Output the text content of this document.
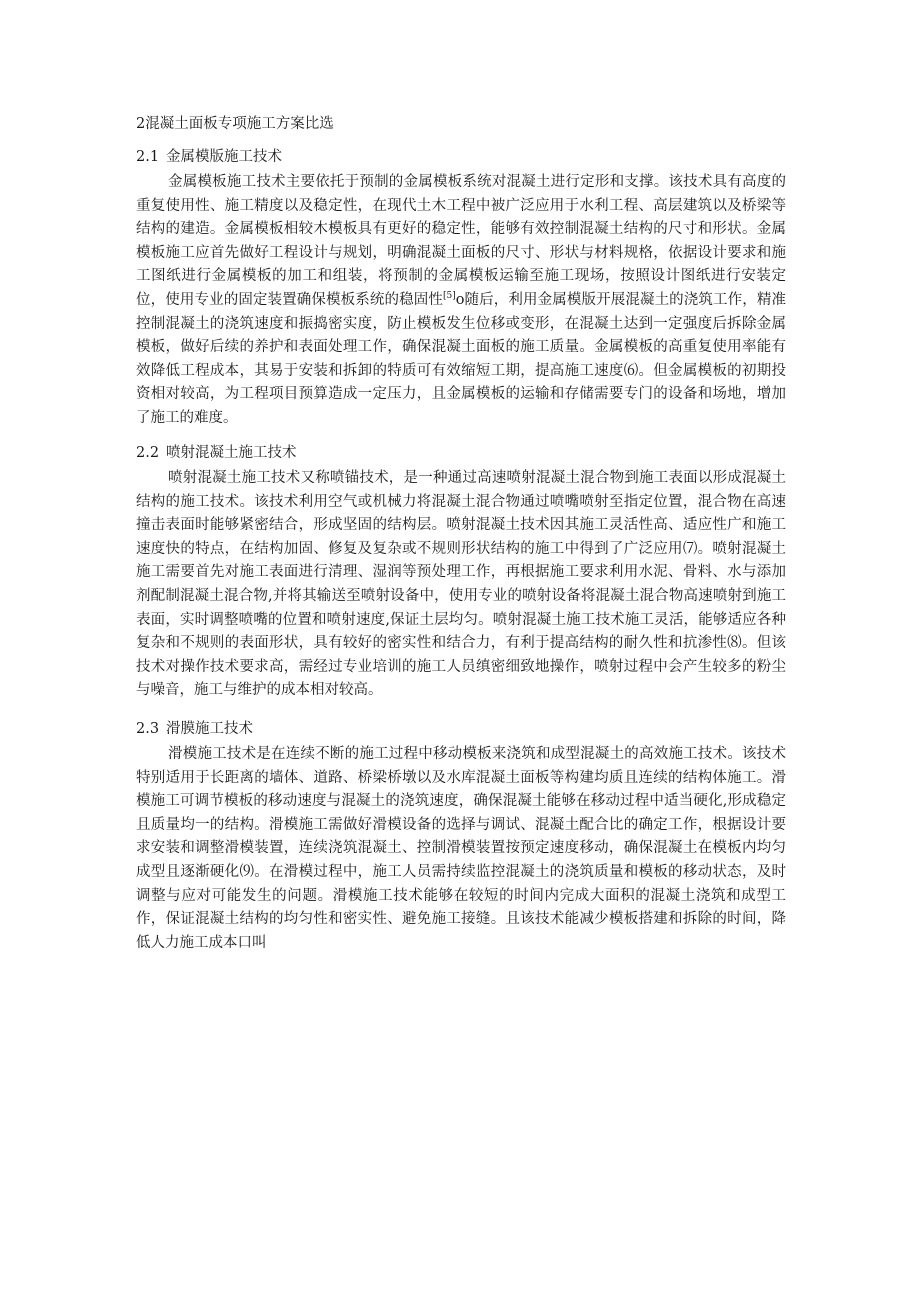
2混凝土面板专项施工方案比选
2.1 金属模版施工技术

金属模板施工技术主要依托于预制的金属模板系统对混凝土进行定形和支撑。该技术具有高度的重复使用性、施工精度以及稳定性，在现代土木工程中被广泛应用于水利工程、高层建筑以及桥梁等结构的建造。金属模板相较木模板具有更好的稳定性，能够有效控制混凝土结构的尺寸和形状。金属模板施工应首先做好工程设计与规划，明确混凝土面板的尺寸、形状与材料规格，依据设计要求和施工图纸进行金属模板的加工和组装，将预制的金属模板运输至施工现场，按照设计图纸进行安装定位，使用专业的固定装置确保模板系统的稳固性[5]o随后，利用金属模版开展混凝土的浇筑工作，精准控制混凝土的浇筑速度和振捣密实度，防止模板发生位移或变形，在混凝土达到一定强度后拆除金属模板，做好后续的养护和表面处理工作，确保混凝土面板的施工质量。金属模板的高重复使用率能有效降低工程成本，其易于安装和拆卸的特质可有效缩短工期，提高施工速度⑹。但金属模板的初期投资相对较高，为工程项目预算造成一定压力，且金属模板的运输和存储需要专门的设备和场地，增加了施工的难度。

2.2 喷射混凝土施工技术

喷射混凝土施工技术又称喷锚技术，是一种通过高速喷射混凝土混合物到施工表面以形成混凝土结构的施工技术。该技术利用空气或机械力将混凝土混合物通过喷嘴喷射至指定位置，混合物在高速撞击表面时能够紧密结合，形成坚固的结构层。喷射混凝土技术因其施工灵活性高、适应性广和施工速度快的特点，在结构加固、修复及复杂或不规则形状结构的施工中得到了广泛应用⑺。喷射混凝土施工需要首先对施工表面进行清理、湿润等预处理工作，再根据施工要求利用水泥、骨料、水与添加剂配制混凝土混合物,并将其输送至喷射设备中，使用专业的喷射设备将混凝土混合物高速喷射到施工表面，实时调整喷嘴的位置和喷射速度,保证土层均匀。喷射混凝土施工技术施工灵活，能够适应各种复杂和不规则的表面形状，具有较好的密实性和结合力，有利于提高结构的耐久性和抗渗性⑻。但该技术对操作技术要求高，需经过专业培训的施工人员缜密细致地操作，喷射过程中会产生较多的粉尘与噪音，施工与维护的成本相对较高。

2.3 滑膜施工技术

滑模施工技术是在连续不断的施工过程中移动模板来浇筑和成型混凝土的高效施工技术。该技术特别适用于长距离的墙体、道路、桥梁桥墩以及水库混凝土面板等构建均质且连续的结构体施工。滑模施工可调节模板的移动速度与混凝土的浇筑速度，确保混凝土能够在移动过程中适当硬化,形成稳定且质量均一的结构。滑模施工需做好滑模设备的选择与调试、混凝土配合比的确定工作，根据设计要求安装和调整滑模装置，连续浇筑混凝土、控制滑模装置按预定速度移动，确保混凝土在模板内均匀成型且逐渐硬化⑼。在滑模过程中，施工人员需持续监控混凝土的浇筑质量和模板的移动状态，及时调整与应对可能发生的问题。滑模施工技术能够在较短的时间内完成大面积的混凝土浇筑和成型工作，保证混凝土结构的均匀性和密实性、避免施工接缝。且该技术能减少模板搭建和拆除的时间，降低人力施工成本口叫
